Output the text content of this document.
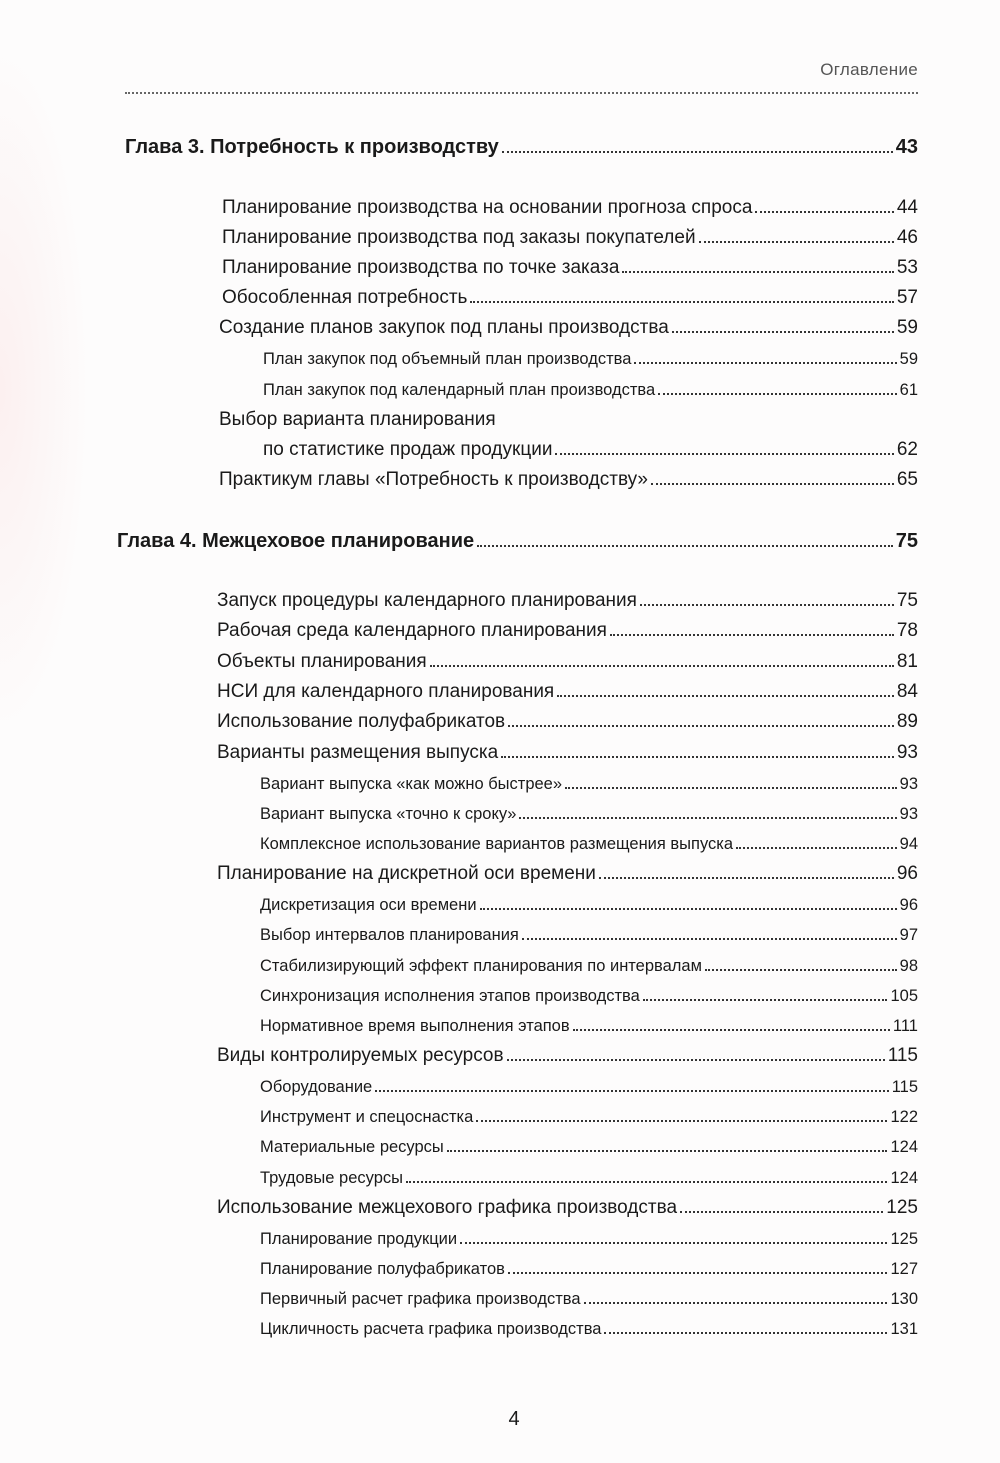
Оглавление
Глава 3. Потребность к производству	43
Планирование производства на основании прогноза спроса	44
Планирование производства под заказы покупателей	46
Планирование производства по точке заказа	53
Обособленная потребность	57
Создание планов закупок под планы производства	59
План закупок под объемный план производства	59
План закупок под календарный план производства	61
Выбор варианта планирования
по статистике продаж продукции	62
Практикум главы «Потребность к производству»	65
Глава 4. Межцеховое планирование	75
Запуск процедуры календарного планирования	75
Рабочая среда календарного планирования	78
Объекты планирования	81
НСИ для календарного планирования	84
Использование полуфабрикатов	89
Варианты размещения выпуска	93
Вариант выпуска «как можно быстрее»	93
Вариант выпуска «точно к сроку»	93
Комплексное использование вариантов размещения выпуска	94
Планирование на дискретной оси времени	96
Дискретизация оси времени	96
Выбор интервалов планирования	97
Стабилизирующий эффект планирования по интервалам	98
Синхронизация исполнения этапов производства	105
Нормативное время выполнения этапов	111
Виды контролируемых ресурсов	115
Оборудование	115
Инструмент и спецоснастка	122
Материальные ресурсы	124
Трудовые ресурсы	124
Использование межцехового графика производства	125
Планирование продукции	125
Планирование полуфабрикатов	127
Первичный расчет графика производства	130
Цикличность расчета графика производства	131
4
